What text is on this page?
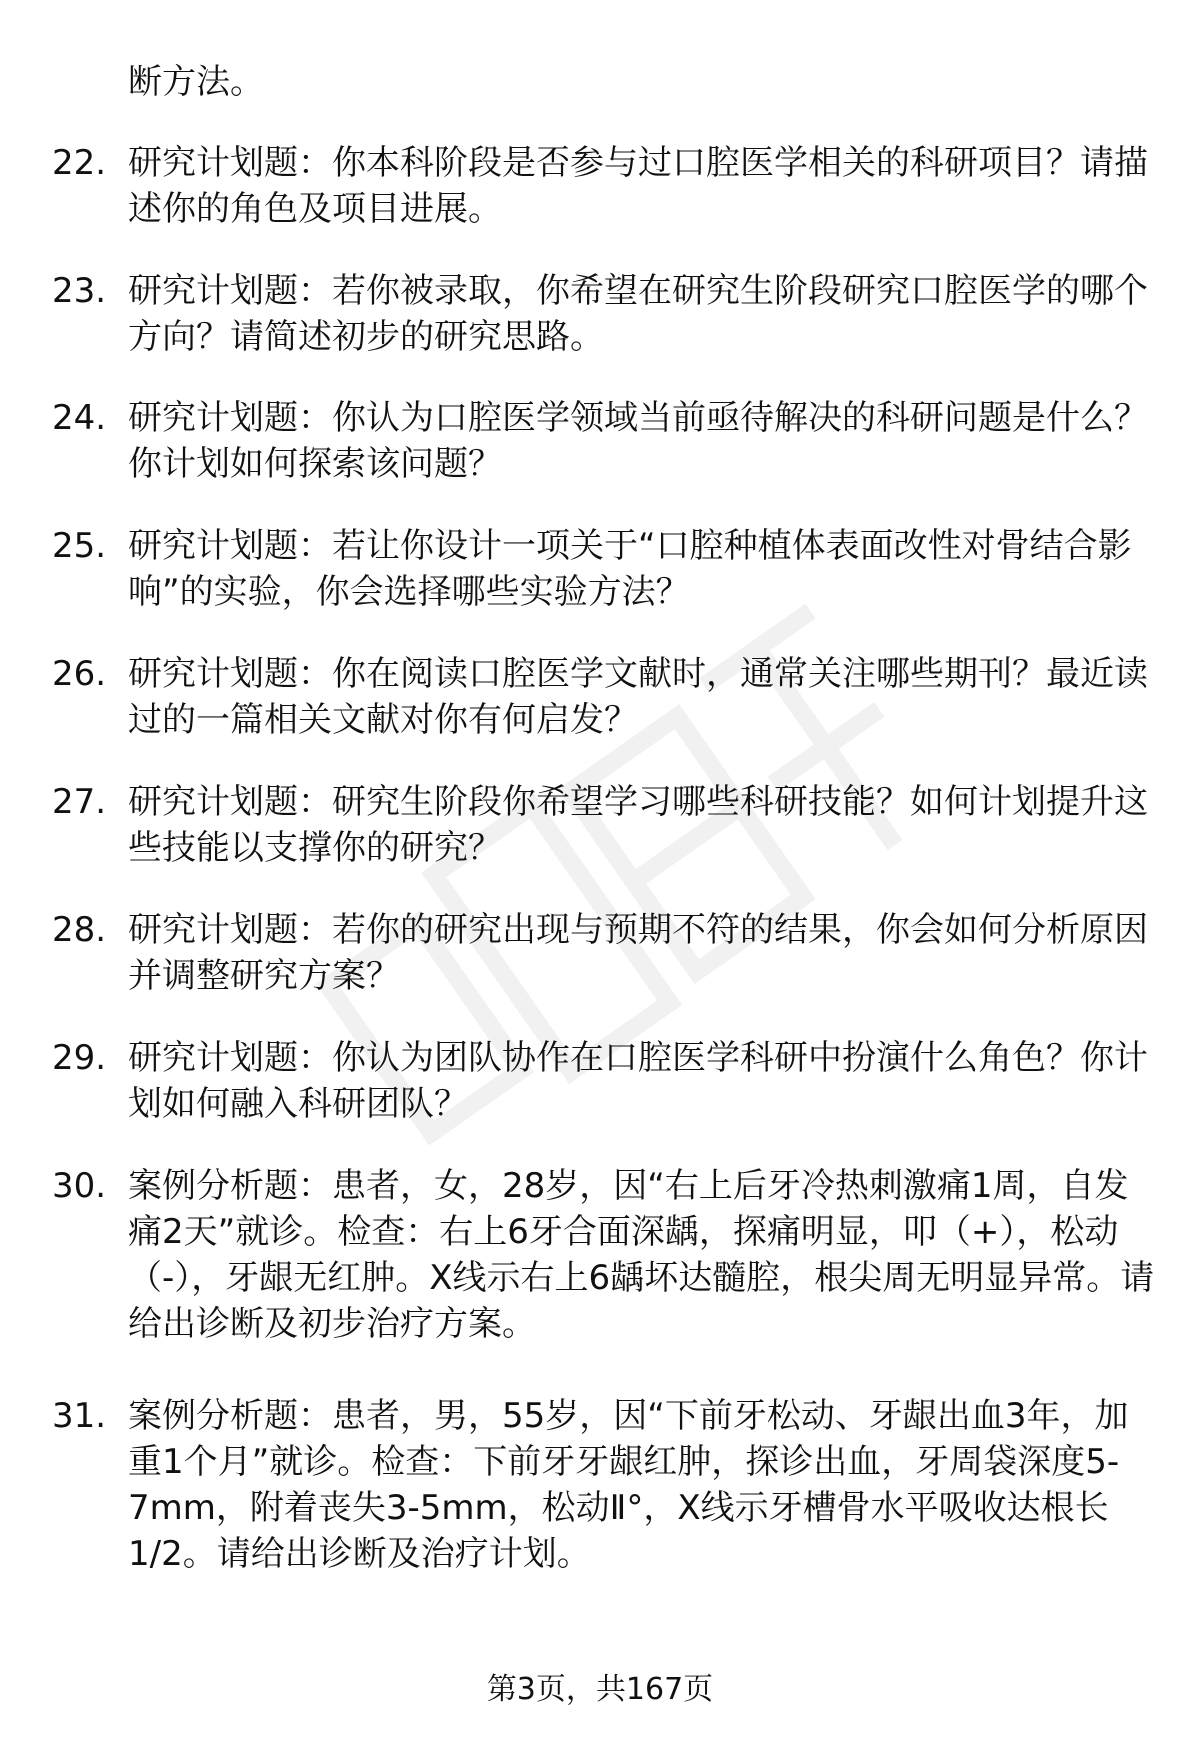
断方法。

22. 研究计划题：你本科阶段是否参与过口腔医学相关的科研项目？请描述你的角色及项目进展。

23. 研究计划题：若你被录取，你希望在研究生阶段研究口腔医学的哪个方向？请简述初步的研究思路。

24. 研究计划题：你认为口腔医学领域当前亟待解决的科研问题是什么？你计划如何探索该问题？

25. 研究计划题：若让你设计一项关于“口腔种植体表面改性对骨结合影响”的实验，你会选择哪些实验方法？

26. 研究计划题：你在阅读口腔医学文献时，通常关注哪些期刊？最近读过的一篇相关文献对你有何启发？

27. 研究计划题：研究生阶段你希望学习哪些科研技能？如何计划提升这些技能以支撑你的研究？

28. 研究计划题：若你的研究出现与预期不符的结果，你会如何分析原因并调整研究方案？

29. 研究计划题：你认为团队协作在口腔医学科研中扮演什么角色？你计划如何融入科研团队？

30. 案例分析题：患者，女，28岁，因“右上后牙冷热刺激痛1周，自发痛2天”就诊。检查：右上6牙合面深龋，探痛明显，叩（+），松动（-），牙龈无红肿。X线示右上6龋坏达髓腔，根尖周无明显异常。请给出诊断及初步治疗方案。

31. 案例分析题：患者，男，55岁，因“下前牙松动、牙龈出血3年，加重1个月”就诊。检查：下前牙牙龈红肿，探诊出血，牙周袋深度5-7mm，附着丧失3-5mm，松动Ⅱ°，X线示牙槽骨水平吸收达根长1/2。请给出诊断及治疗计划。

第3页，共167页
